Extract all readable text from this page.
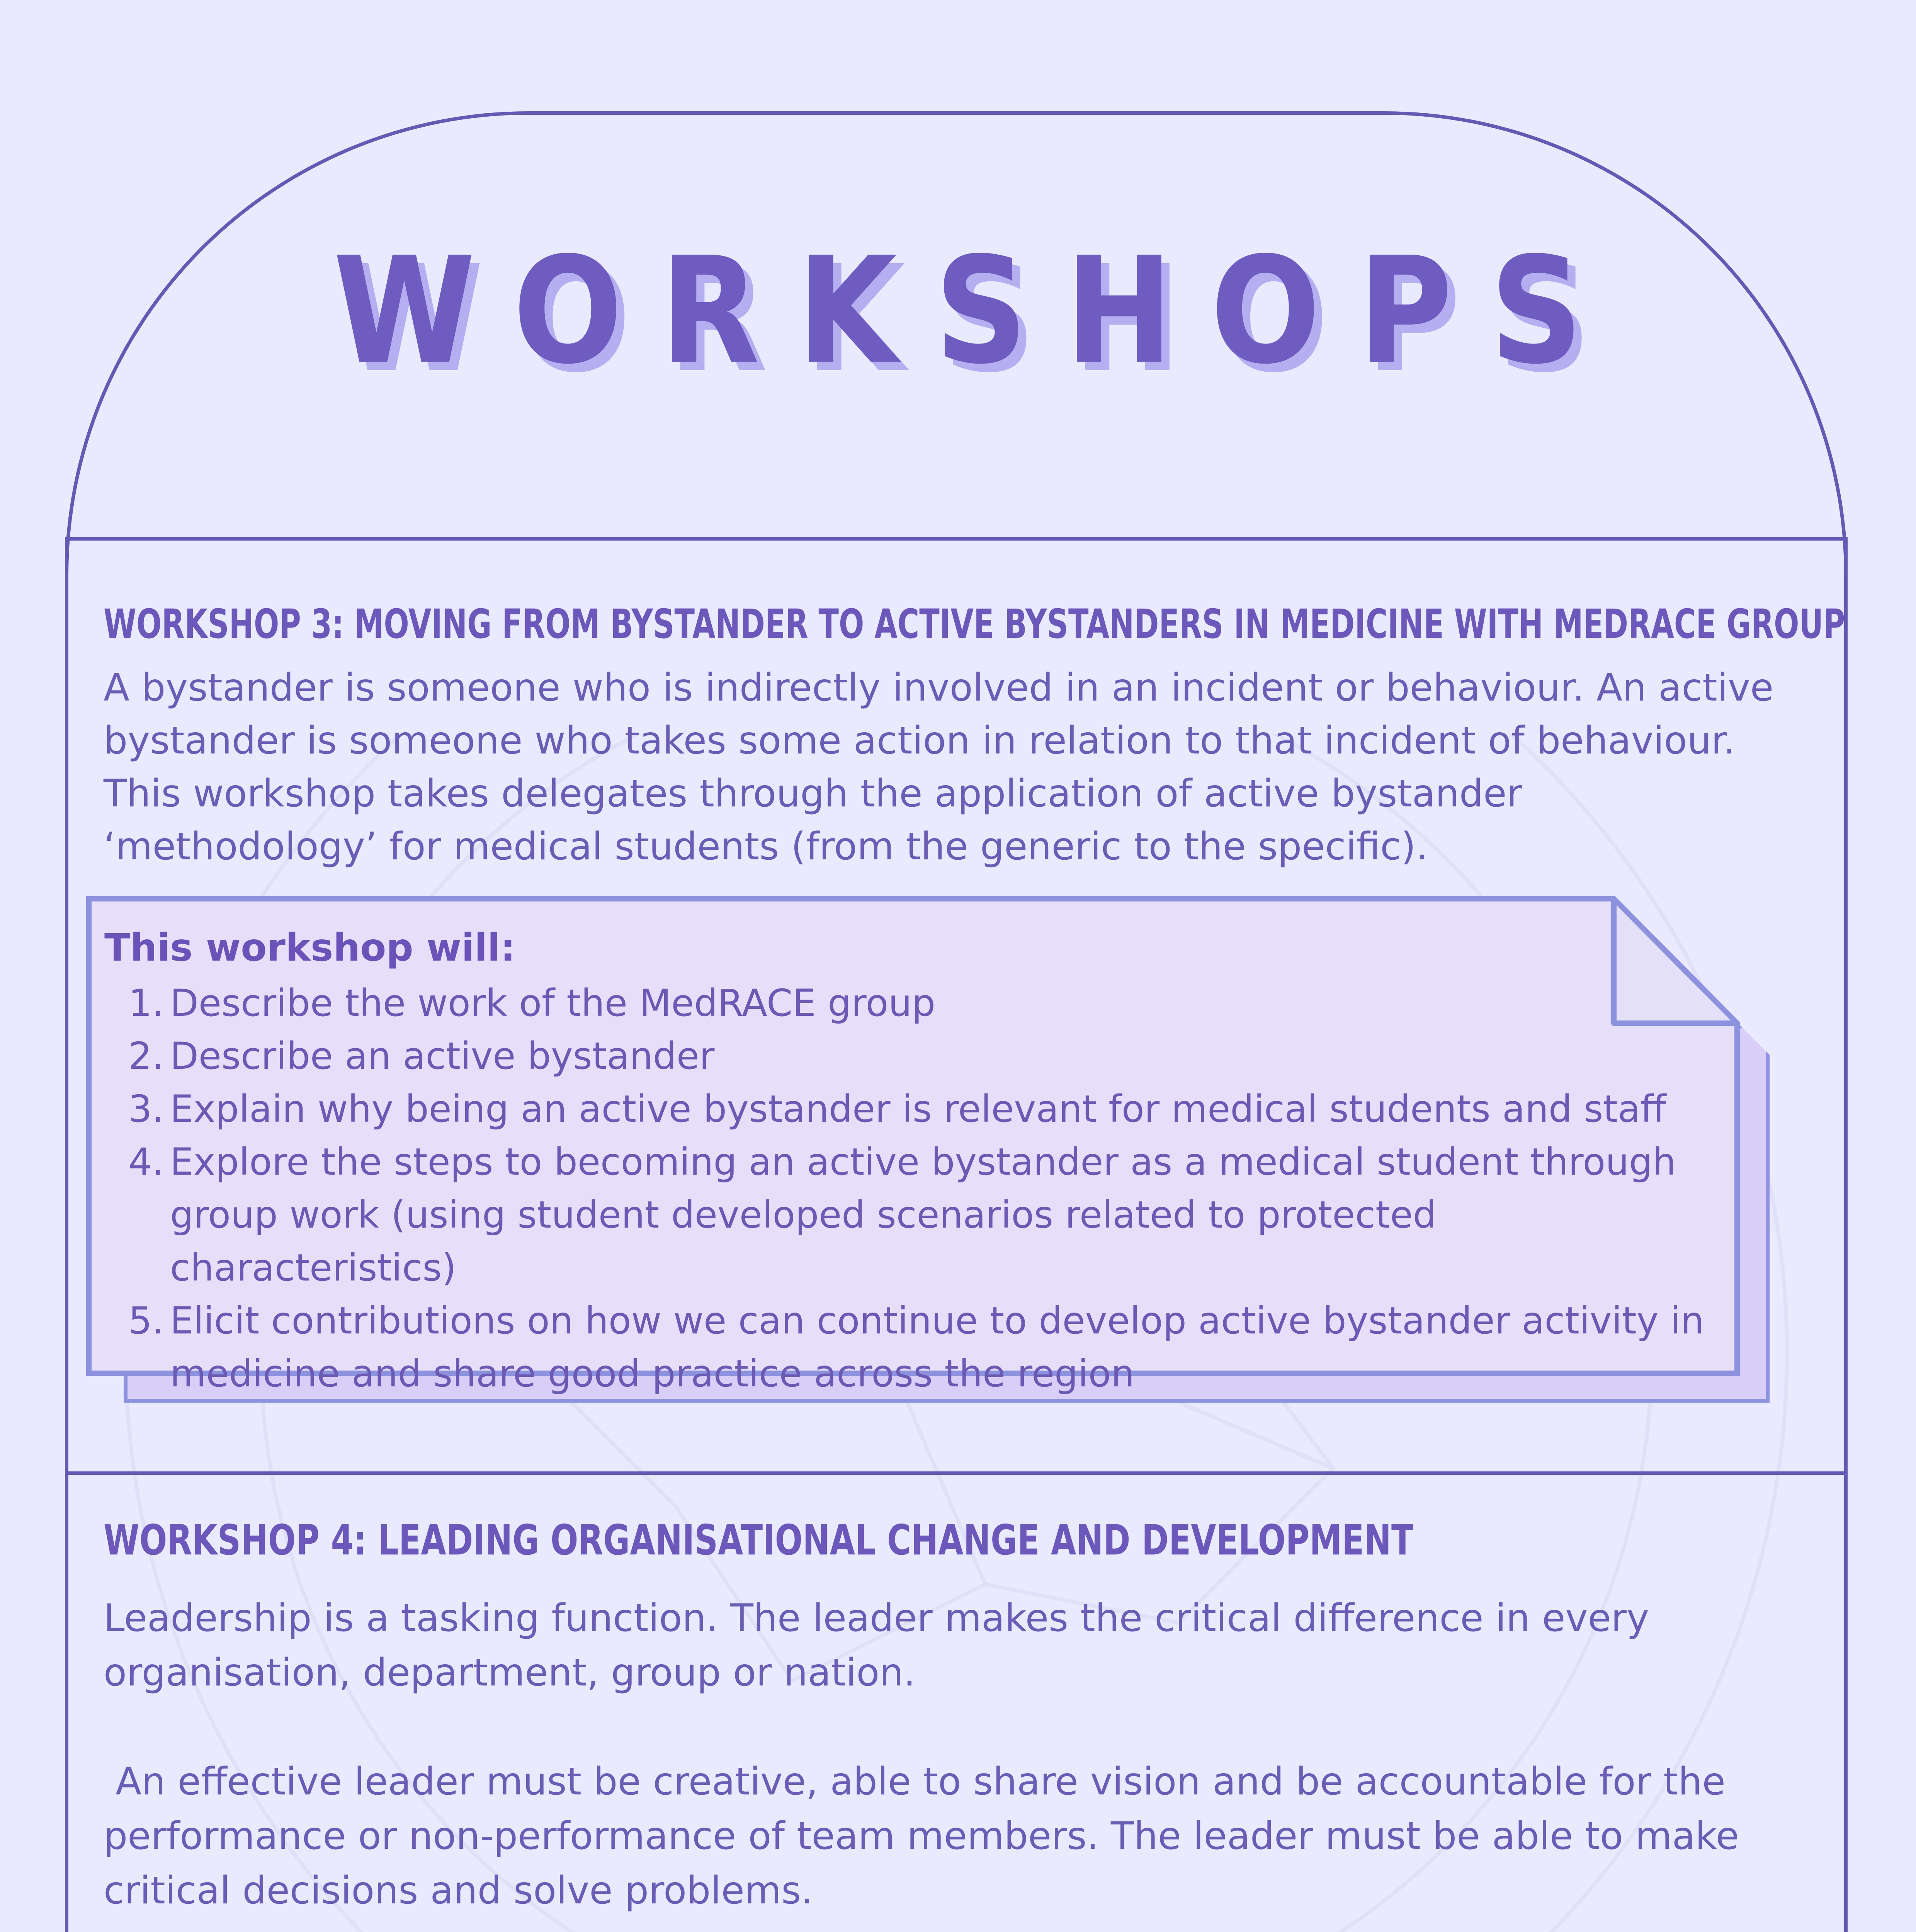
WORKSHOPS
WORKSHOP 3: MOVING FROM BYSTANDER TO ACTIVE BYSTANDERS IN MEDICINE WITH MEDRACE GROUP

A bystander is someone who is indirectly involved in an incident or behaviour. An active

bystander is someone who takes some action in relation to that incident of behaviour.

This workshop takes delegates through the application of active bystander

‘methodology’ for medical students (from the generic to the specific).

This workshop will:

1. Describe the work of the MedRACE group
2. Describe an active bystander
3. Explain why being an active bystander is relevant for medical students and staff
4. Explore the steps to becoming an active bystander as a medical student through group work (using student developed scenarios related to protected characteristics)
5. Elicit contributions on how we can continue to develop active bystander activity in medicine and share good practice across the region
WORKSHOP 4: LEADING ORGANISATIONAL CHANGE AND DEVELOPMENT

Leadership is a tasking function. The leader makes the critical difference in every organisation, department, group or nation.

An effective leader must be creative, able to share vision and be accountable for the performance or non-performance of team members. The leader must be able to make critical decisions and solve problems.
